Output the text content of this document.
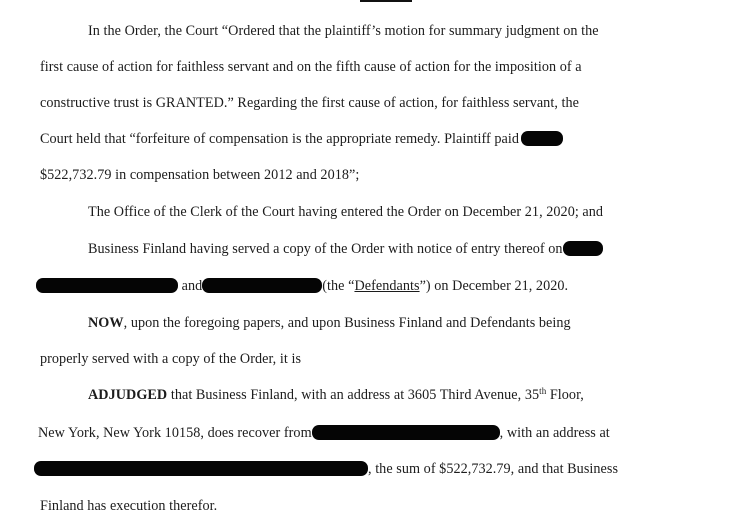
In the Order, the Court “Ordered that the plaintiff’s motion for summary judgment on the
first cause of action for faithless servant and on the fifth cause of action for the imposition of a
constructive trust is GRANTED.” Regarding the first cause of action, for faithless servant, the
Court held that “forfeiture of compensation is the appropriate remedy. Plaintiff paid
$522,732.79 in compensation between 2012 and 2018”;
The Office of the Clerk of the Court having entered the Order on December 21, 2020; and
Business Finland having served a copy of the Order with notice of entry thereof on
and	(the “Defendants”) on December 21, 2020.
NOW, upon the foregoing papers, and upon Business Finland and Defendants being
properly served with a copy of the Order, it is
ADJUDGED that Business Finland, with an address at 3605 Third Avenue, 35th Floor,
New York, New York 10158, does recover from	, with an address at
, the sum of $522,732.79, and that Business
Finland has execution therefor.
